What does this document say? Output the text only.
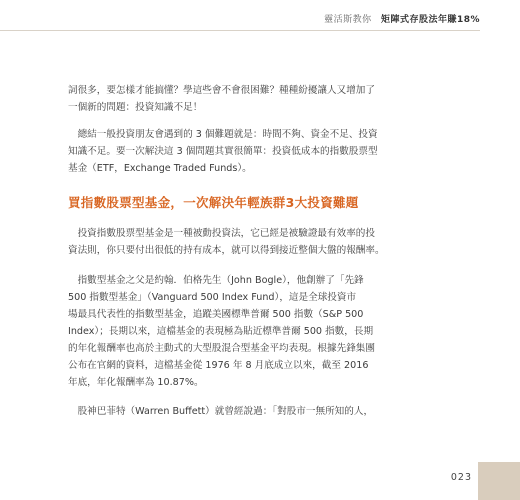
靈活斯教你 矩陣式存股法年賺18%

詞很多，要怎樣才能搞懂？學這些會不會很困難？種種紛擾讓人又增加了
一個新的問題：投資知識不足！

　總結一般投資朋友會遇到的 3 個難題就是：時間不夠、資金不足、投資
知識不足。要一次解決這 3 個問題其實很簡單：投資低成本的指數股票型
基金（ETF，Exchange Traded Funds）。

買指數股票型基金，一次解決年輕族群3大投資難題

　投資指數股票型基金是一種被動投資法，它已經是被驗證最有效率的投
資法則，你只要付出很低的持有成本，就可以得到接近整個大盤的報酬率。

　指數型基金之父是約翰．伯格先生（John Bogle），他創辦了「先鋒
500 指數型基金」（Vanguard 500 Index Fund），這是全球投資市
場最具代表性的指數型基金，追蹤美國標準普爾 500 指數（S&P 500
Index）；長期以來，這檔基金的表現極為貼近標準普爾 500 指數，長期
的年化報酬率也高於主動式的大型股混合型基金平均表現。根據先鋒集團
公布在官網的資料，這檔基金從 1976 年 8 月底成立以來，截至 2016
年底，年化報酬率為 10.87%。

　股神巴菲特（Warren Buffett）就曾經說過：「對股市一無所知的人，

023
